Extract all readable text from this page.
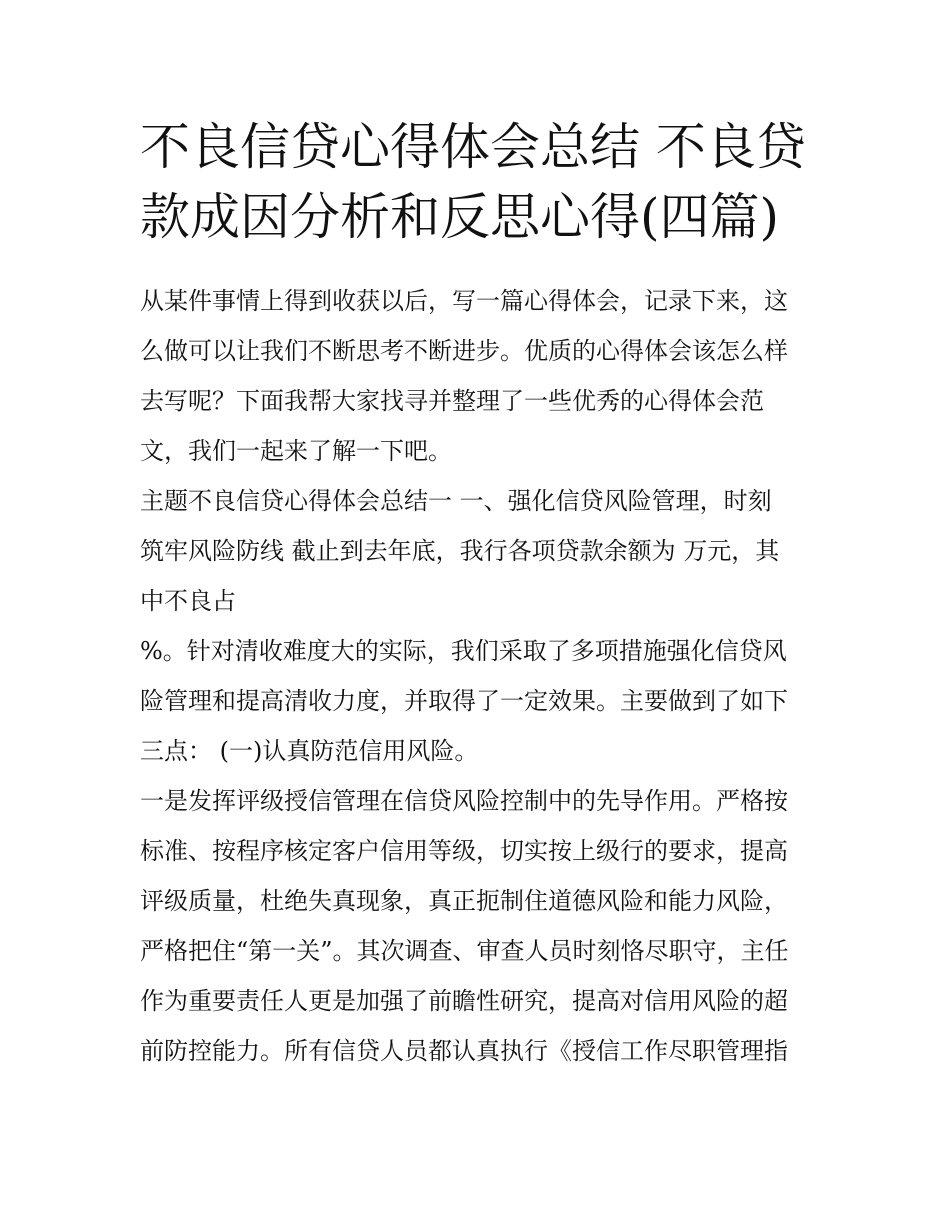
不良信贷心得体会总结 不良贷
款成因分析和反思心得(四篇)
从某件事情上得到收获以后，写一篇心得体会，记录下来，这
么做可以让我们不断思考不断进步。优质的心得体会该怎么样
去写呢？下面我帮大家找寻并整理了一些优秀的心得体会范
文，我们一起来了解一下吧。
主题不良信贷心得体会总结一 一、强化信贷风险管理，时刻
筑牢风险防线 截止到去年底，我行各项贷款余额为 万元，其
中不良占
%。针对清收难度大的实际，我们采取了多项措施强化信贷风
险管理和提高清收力度，并取得了一定效果。主要做到了如下
三点： (一)认真防范信用风险。
一是发挥评级授信管理在信贷风险控制中的先导作用。严格按
标准、按程序核定客户信用等级，切实按上级行的要求，提高
评级质量，杜绝失真现象，真正扼制住道德风险和能力风险，
严格把住“第一关”。其次调查、审查人员时刻恪尽职守，主任
作为重要责任人更是加强了前瞻性研究，提高对信用风险的超
前防控能力。所有信贷人员都认真执行《授信工作尽职管理指
